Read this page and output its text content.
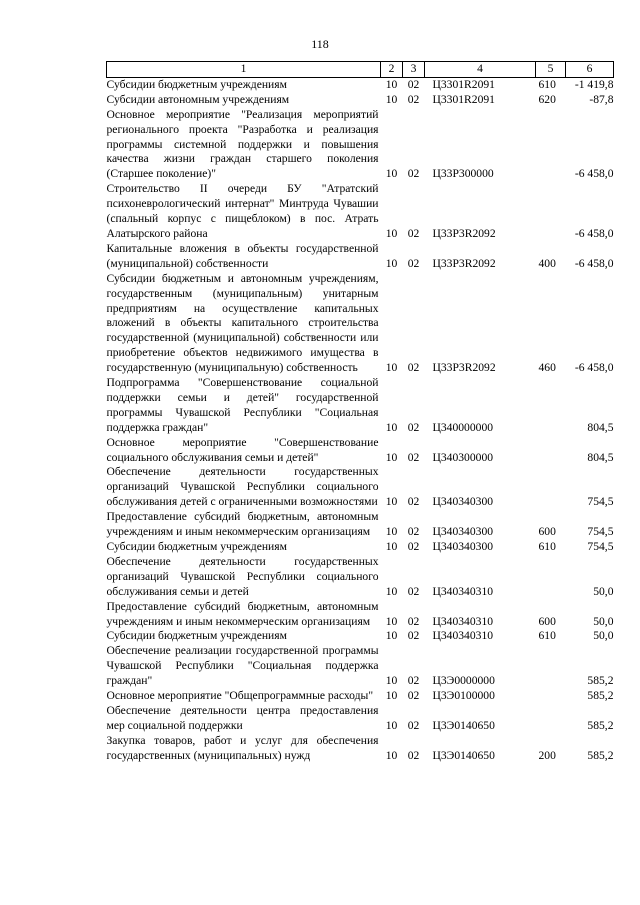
118
1	2	3	4	5	6
Субсидии бюджетным учреждениям	10	02	Ц3301R2091	610	-1 419,8
Субсидии автономным учреждениям	10	02	Ц3301R2091	620	-87,8
Основное мероприятие "Реализация мероприятий регионального проекта "Разработка и реализация программы системной поддержки и повышения качества жизни граждан старшего поколения (Старшее поколение)"	10	02	Ц33P300000		-6 458,0
Строительство II очереди БУ "Атратский психоневрологический интернат" Минтруда Чувашии (спальный корпус с пищеблоком) в пос. Атрать Алатырского района	10	02	Ц33P3R2092		-6 458,0
Капитальные вложения в объекты государственной (муниципальной) собственности	10	02	Ц33P3R2092	400	-6 458,0
Субсидии бюджетным и автономным учреждениям, государственным (муниципальным) унитарным предприятиям на осуществление капитальных вложений в объекты капитального строительства государственной (муниципальной) собственности или приобретение объектов недвижимого имущества в государственную (муниципальную) собственность	10	02	Ц33P3R2092	460	-6 458,0
Подпрограмма "Совершенствование социальной поддержки семьи и детей" государственной программы Чувашской Республики "Социальная поддержка граждан"	10	02	Ц340000000		804,5
Основное мероприятие "Совершенствование социального обслуживания семьи и детей"	10	02	Ц340300000		804,5
Обеспечение деятельности государственных организаций Чувашской Республики социального обслуживания детей с ограниченными возможностями	10	02	Ц340340300		754,5
Предоставление субсидий бюджетным, автономным учреждениям и иным некоммерческим организациям	10	02	Ц340340300	600	754,5
Субсидии бюджетным учреждениям	10	02	Ц340340300	610	754,5
Обеспечение деятельности государственных организаций Чувашской Республики социального обслуживания семьи и детей	10	02	Ц340340310		50,0
Предоставление субсидий бюджетным, автономным учреждениям и иным некоммерческим организациям	10	02	Ц340340310	600	50,0
Субсидии бюджетным учреждениям	10	02	Ц340340310	610	50,0
Обеспечение реализации государственной программы Чувашской Республики "Социальная поддержка граждан"	10	02	Ц3Э0000000		585,2
Основное мероприятие "Общепрограммные расходы"	10	02	Ц3Э0100000		585,2
Обеспечение деятельности центра предоставления мер социальной поддержки	10	02	Ц3Э0140650		585,2
Закупка товаров, работ и услуг для обеспечения государственных (муниципальных) нужд	10	02	Ц3Э0140650	200	585,2
